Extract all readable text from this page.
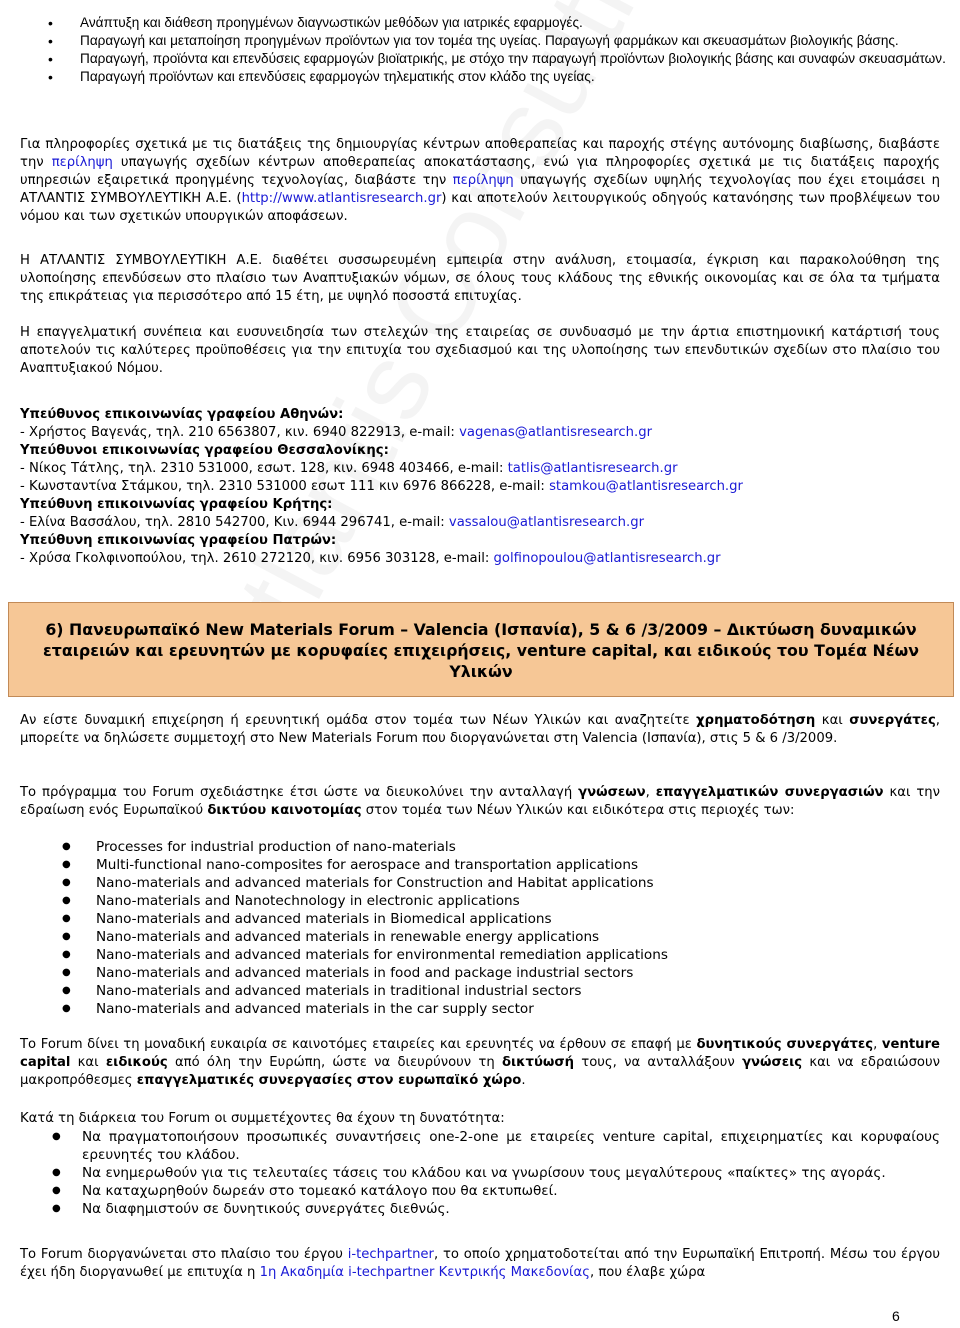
• Ανάπτυξη και διάθεση προηγμένων διαγνωστικών μεθόδων για ιατρικές εφαρμογές.
• Παραγωγή και μεταποίηση προηγμένων προϊόντων για τον τομέα της υγείας. Παραγωγή φαρμάκων και σκευασμάτων βιολογικής βάσης.
• Παραγωγή, προϊόντα και επενδύσεις εφαρμογών βιοϊατρικής, με στόχο την παραγωγή προϊόντων βιολογικής βάσης και συναφών σκευασμάτων.
• Παραγωγή προϊόντων και επενδύσεις εφαρμογών τηλεματικής στον κλάδο της υγείας.

Για πληροφορίες σχετικά με τις διατάξεις της δημιουργίας κέντρων αποθεραπείας και παροχής στέγης αυτόνομης διαβίωσης, διαβάστε την περίληψη υπαγωγής σχεδίων κέντρων αποθεραπείας αποκατάστασης, ενώ για πληροφορίες σχετικά με τις διατάξεις παροχής υπηρεσιών εξαιρετικά προηγμένης τεχνολογίας, διαβάστε την περίληψη υπαγωγής σχεδίων υψηλής τεχνολογίας που έχει ετοιμάσει η ΑΤΛΑΝΤΙΣ ΣΥΜΒΟΥΛΕΥΤΙΚΗ Α.Ε. (http://www.atlantisresearch.gr) και αποτελούν λειτουργικούς οδηγούς κατανόησης των προβλέψεων του νόμου και των σχετικών υπουργικών αποφάσεων.

Η ΑΤΛΑΝΤΙΣ ΣΥΜΒΟΥΛΕΥΤΙΚΗ Α.Ε. διαθέτει συσσωρευμένη εμπειρία στην ανάλυση, ετοιμασία, έγκριση και παρακολούθηση της υλοποίησης επενδύσεων στο πλαίσιο των Αναπτυξιακών νόμων, σε όλους τους κλάδους της εθνικής οικονομίας και σε όλα τα τμήματα της επικράτειας για περισσότερο από 15 έτη, με υψηλό ποσοστά επιτυχίας.

Η επαγγελματική συνέπεια και ευσυνειδησία των στελεχών της εταιρείας σε συνδυασμό με την άρτια επιστημονική κατάρτισή τους αποτελούν τις καλύτερες προϋποθέσεις για την επιτυχία του σχεδιασμού και της υλοποίησης των επενδυτικών σχεδίων στο πλαίσιο του Αναπτυξιακού Νόμου.

Υπεύθυνος επικοινωνίας γραφείου Αθηνών:
- Χρήστος Βαγενάς, τηλ. 210 6563807, κιν. 6940 822913, e-mail: vagenas@atlantisresearch.gr
Υπεύθυνοι επικοινωνίας γραφείου Θεσσαλονίκης:
- Νίκος Τάτλης, τηλ. 2310 531000, εσωτ. 128, κιν. 6948 403466, e-mail: tatlis@atlantisresearch.gr
- Κωνσταντίνα Στάμκου, τηλ. 2310 531000 εσωτ 111 κιν 6976 866228, e-mail: stamkou@atlantisresearch.gr
Υπεύθυνη επικοινωνίας γραφείου Κρήτης:
- Ελίνα Βασσάλου, τηλ. 2810 542700, Κιν. 6944 296741, e-mail: vassalou@atlantisresearch.gr
Υπεύθυνη επικοινωνίας γραφείου Πατρών:
- Χρύσα Γκολφινοπούλου, τηλ. 2610 272120, κιν. 6956 303128, e-mail: golfinopoulou@atlantisresearch.gr
6) Πανευρωπαϊκό New Materials Forum – Valencia (Ισπανία), 5 & 6 /3/2009 – Δικτύωση δυναμικών εταιρειών και ερευνητών με κορυφαίες επιχειρήσεις, venture capital, και ειδικούς του Τομέα Νέων Υλικών

Αν είστε δυναμική επιχείρηση ή ερευνητική ομάδα στον τομέα των Νέων Υλικών και αναζητείτε χρηματοδότηση και συνεργάτες, μπορείτε να δηλώσετε συμμετοχή στο New Materials Forum που διοργανώνεται στη Valencia (Ισπανία), στις 5 & 6 /3/2009.

Το πρόγραμμα του Forum σχεδιάστηκε έτσι ώστε να διευκολύνει την ανταλλαγή γνώσεων, επαγγελματικών συνεργασιών και την εδραίωση ενός Ευρωπαϊκού δικτύου καινοτομίας στον τομέα των Νέων Υλικών και ειδικότερα στις περιοχές των:

● Processes for industrial production of nano-materials
● Multi-functional nano-composites for aerospace and transportation applications
● Nano-materials and advanced materials for Construction and Habitat applications
● Nano-materials and Nanotechnology in electronic applications
● Nano-materials and advanced materials in Biomedical applications
● Nano-materials and advanced materials in renewable energy applications
● Nano-materials and advanced materials for environmental remediation applications
● Nano-materials and advanced materials in food and package industrial sectors
● Nano-materials and advanced materials in traditional industrial sectors
● Nano-materials and advanced materials in the car supply sector

Το Forum δίνει τη μοναδική ευκαιρία σε καινοτόμες εταιρείες και ερευνητές να έρθουν σε επαφή με δυνητικούς συνεργάτες, venture capital και ειδικούς από όλη την Ευρώπη, ώστε να διευρύνουν τη δικτύωσή τους, να ανταλλάξουν γνώσεις και να εδραιώσουν μακροπρόθεσμες επαγγελματικές συνεργασίες στον ευρωπαϊκό χώρο.

Κατά τη διάρκεια του Forum οι συμμετέχοντες θα έχουν τη δυνατότητα:

● Να πραγματοποιήσουν προσωπικές συναντήσεις one-2-one με εταιρείες venture capital, επιχειρηματίες και κορυφαίους ερευνητές του κλάδου.
● Να ενημερωθούν για τις τελευταίες τάσεις του κλάδου και να γνωρίσουν τους μεγαλύτερους «παίκτες» της αγοράς.
● Να καταχωρηθούν δωρεάν στο τομεακό κατάλογο που θα εκτυπωθεί.
● Να διαφημιστούν σε δυνητικούς συνεργάτες διεθνώς.

Το Forum διοργανώνεται στο πλαίσιο του έργου i-techpartner, το οποίο χρηματοδοτείται από την Ευρωπαϊκή Επιτροπή. Μέσω του έργου έχει ήδη διοργανωθεί με επιτυχία η 1η Ακαδημία i-techpartner Κεντρικής Μακεδονίας, που έλαβε χώρα

6
